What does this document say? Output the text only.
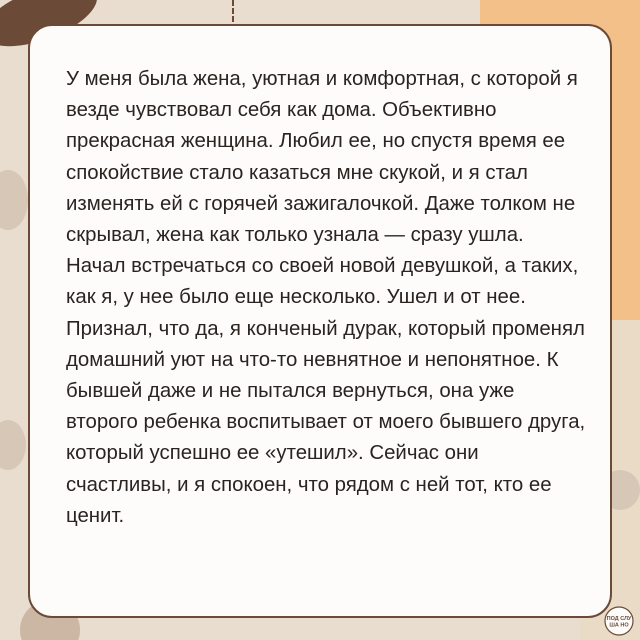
У меня была жена, уютная и комфортная, с которой я везде чувствовал себя как дома. Объективно прекрасная женщина. Любил ее, но спустя время ее спокойствие стало казаться мне скукой, и я стал изменять ей с горячей зажигалочкой. Даже толком не скрывал, жена как только узнала — сразу ушла. Начал встречаться со своей новой девушкой, а таких, как я, у нее было еще несколько. Ушел и от нее. Признал, что да, я конченый дурак, который променял домашний уют на что-то невнятное и непонятное. К бывшей даже и не пытался вернуться, она уже второго ребенка воспитывает от моего бывшего друга, который успешно ее «утешил». Сейчас они счастливы, и я спокоен, что рядом с ней тот, кто ее ценит.

ПОД СЛУ
ША НО
